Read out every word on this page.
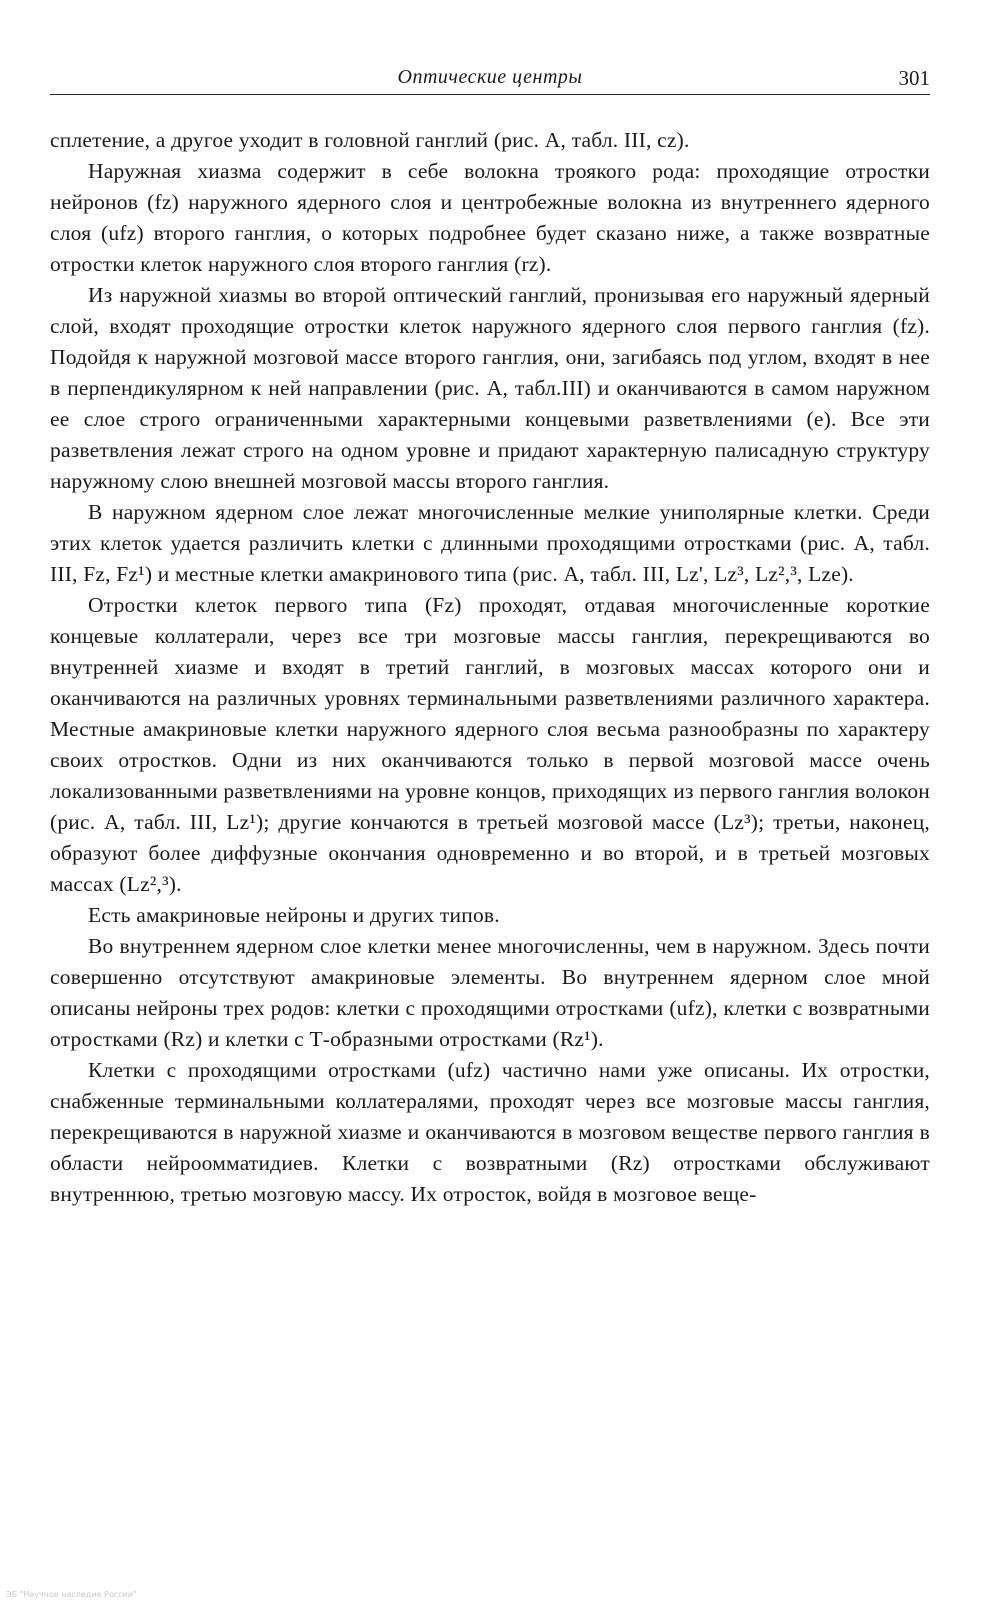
Оптические центры	301

сплетение, а другое уходит в головной ганглий (рис. A, табл. III, cz).

Наружная хиазма содержит в себе волокна троякого рода: проходящие отростки нейронов (fz) наружного ядерного слоя и центробежные волокна из внутреннего ядерного слоя (ufz) второго ганглия, о которых подробнее будет сказано ниже, а также возвратные отростки клеток наружного слоя второго ганглия (rz).

Из наружной хиазмы во второй оптический ганглий, пронизывая его наружный ядерный слой, входят проходящие отростки клеток наружного ядерного слоя первого ганглия (fz). Подойдя к наружной мозговой массе второго ганглия, они, загибаясь под углом, входят в нее в перпендикулярном к ней направлении (рис. A, табл.III) и оканчиваются в самом наружном ее слое строго ограниченными характерными концевыми разветвлениями (e). Все эти разветвления лежат строго на одном уровне и придают характерную палисадную структуру наружному слою внешней мозговой массы второго ганглия.

В наружном ядерном слое лежат многочисленные мелкие униполярные клетки. Среди этих клеток удается различить клетки с длинными проходящими отростками (рис. A, табл. III, Fz, Fz¹) и местные клетки амакринового типа (рис. A, табл. III, Lz', Lz³, Lz²,³, Lze).

Отростки клеток первого типа (Fz) проходят, отдавая многочисленные короткие концевые коллатерали, через все три мозговые массы ганглия, перекрещиваются во внутренней хиазме и входят в третий ганглий, в мозговых массах которого они и оканчиваются на различных уровнях терминальными разветвлениями различного характера. Местные амакриновые клетки наружного ядерного слоя весьма разнообразны по характеру своих отростков. Одни из них оканчиваются только в первой мозговой массе очень локализованными разветвлениями на уровне концов, приходящих из первого ганглия волокон (рис. A, табл. III, Lz¹); другие кончаются в третьей мозговой массе (Lz³); третьи, наконец, образуют более диффузные окончания одновременно и во второй, и в третьей мозговых массах (Lz²,³).

Есть амакриновые нейроны и других типов.

Во внутреннем ядерном слое клетки менее многочисленны, чем в наружном. Здесь почти совершенно отсутствуют амакриновые элементы. Во внутреннем ядерном слое мной описаны нейроны трех родов: клетки с проходящими отростками (ufz), клетки с возвратными отростками (Rz) и клетки с Т-образными отростками (Rz¹).

Клетки с проходящими отростками (ufz) частично нами уже описаны. Их отростки, снабженные терминальными коллатералями, проходят через все мозговые массы ганглия, перекрещиваются в наружной хиазме и оканчиваются в мозговом веществе первого ганглия в области нейроомматидиев. Клетки с возвратными (Rz) отростками обслуживают внутреннюю, третью мозговую массу. Их отросток, войдя в мозговое веще-

ЭБ "Научное наследие России"
